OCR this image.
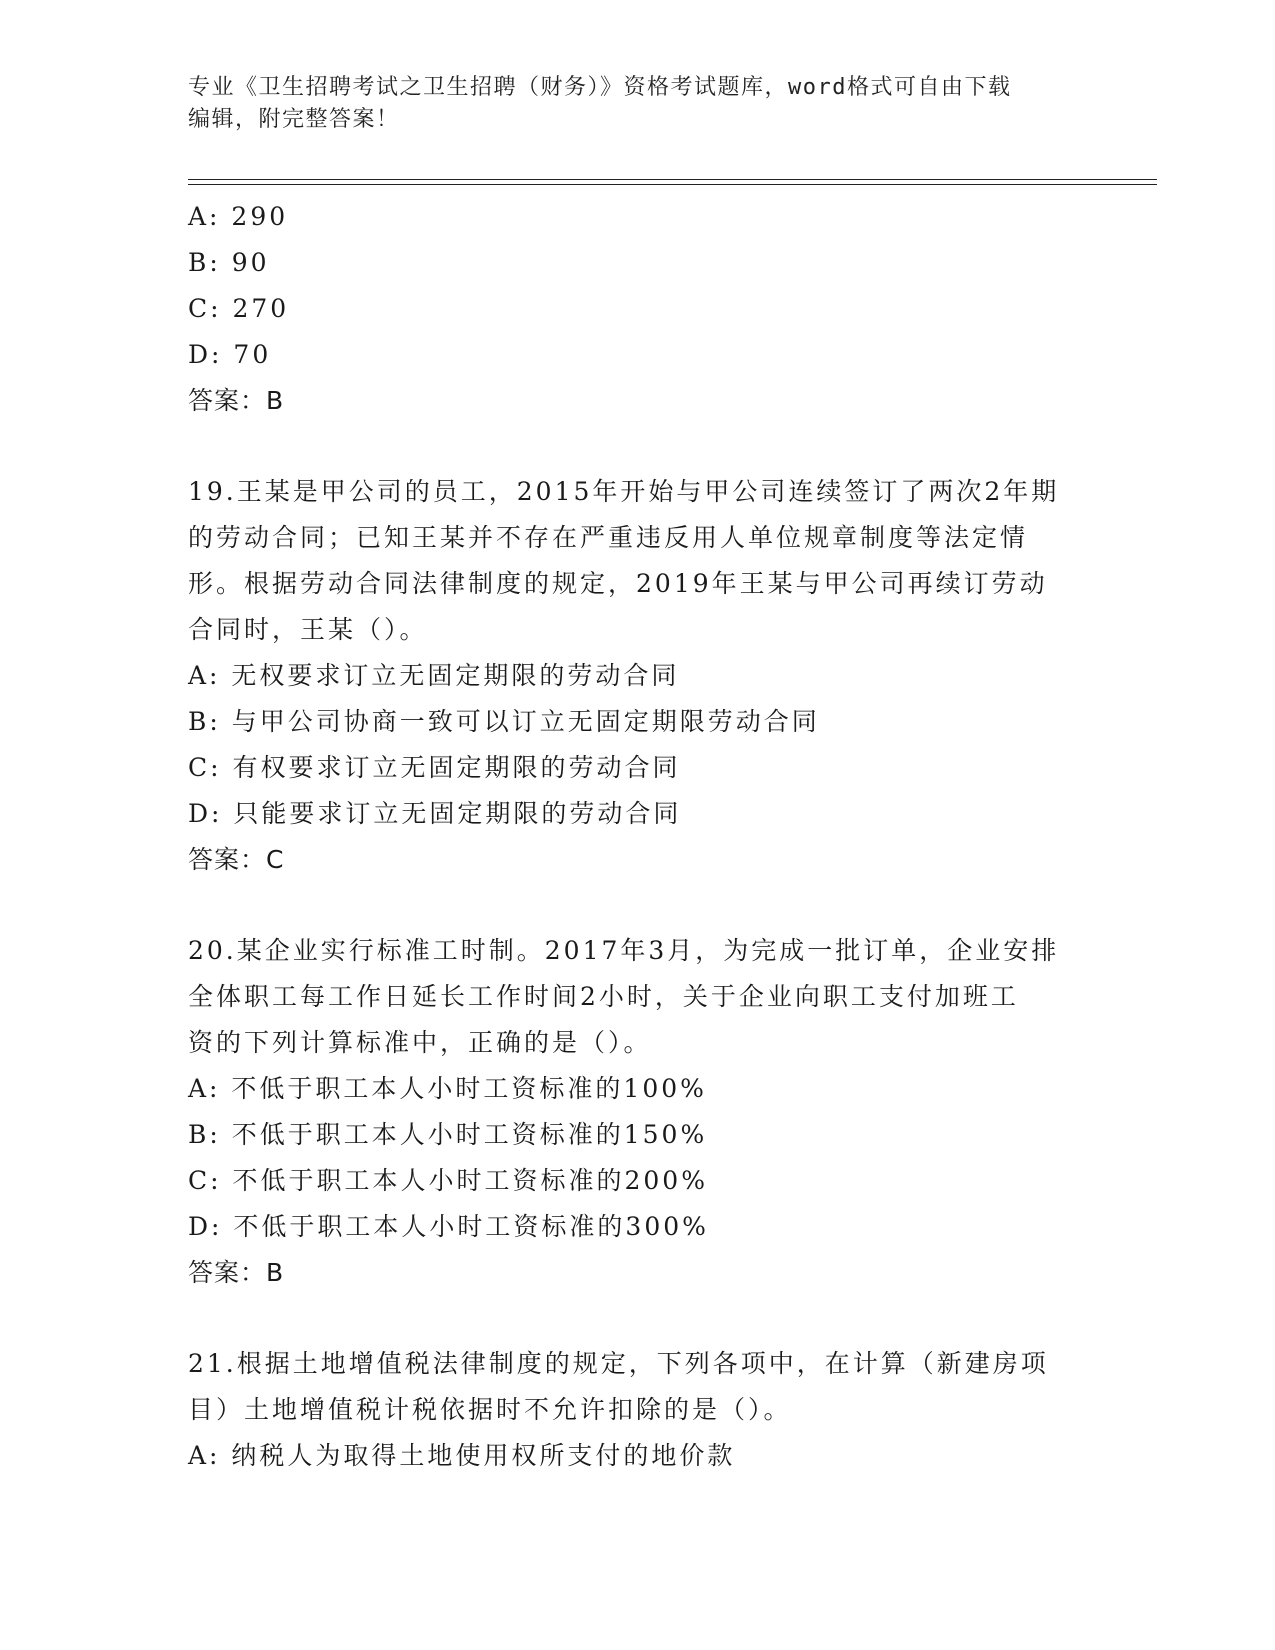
专业《卫生招聘考试之卫生招聘（财务）》资格考试题库，word格式可自由下载
编辑，附完整答案！
A: 290
B: 90
C: 270
D: 70
答案：B
19.王某是甲公司的员工，2015年开始与甲公司连续签订了两次2年期
的劳动合同；已知王某并不存在严重违反用人单位规章制度等法定情
形。根据劳动合同法律制度的规定，2019年王某与甲公司再续订劳动
合同时，王某（）。
A: 无权要求订立无固定期限的劳动合同
B: 与甲公司协商一致可以订立无固定期限劳动合同
C: 有权要求订立无固定期限的劳动合同
D: 只能要求订立无固定期限的劳动合同
答案：C
20.某企业实行标准工时制。2017年3月，为完成一批订单，企业安排
全体职工每工作日延长工作时间2小时，关于企业向职工支付加班工
资的下列计算标准中，正确的是（）。
A: 不低于职工本人小时工资标准的100%
B: 不低于职工本人小时工资标准的150%
C: 不低于职工本人小时工资标准的200%
D: 不低于职工本人小时工资标准的300%
答案：B
21.根据土地增值税法律制度的规定，下列各项中，在计算（新建房项
目）土地增值税计税依据时不允许扣除的是（）。
A: 纳税人为取得土地使用权所支付的地价款
